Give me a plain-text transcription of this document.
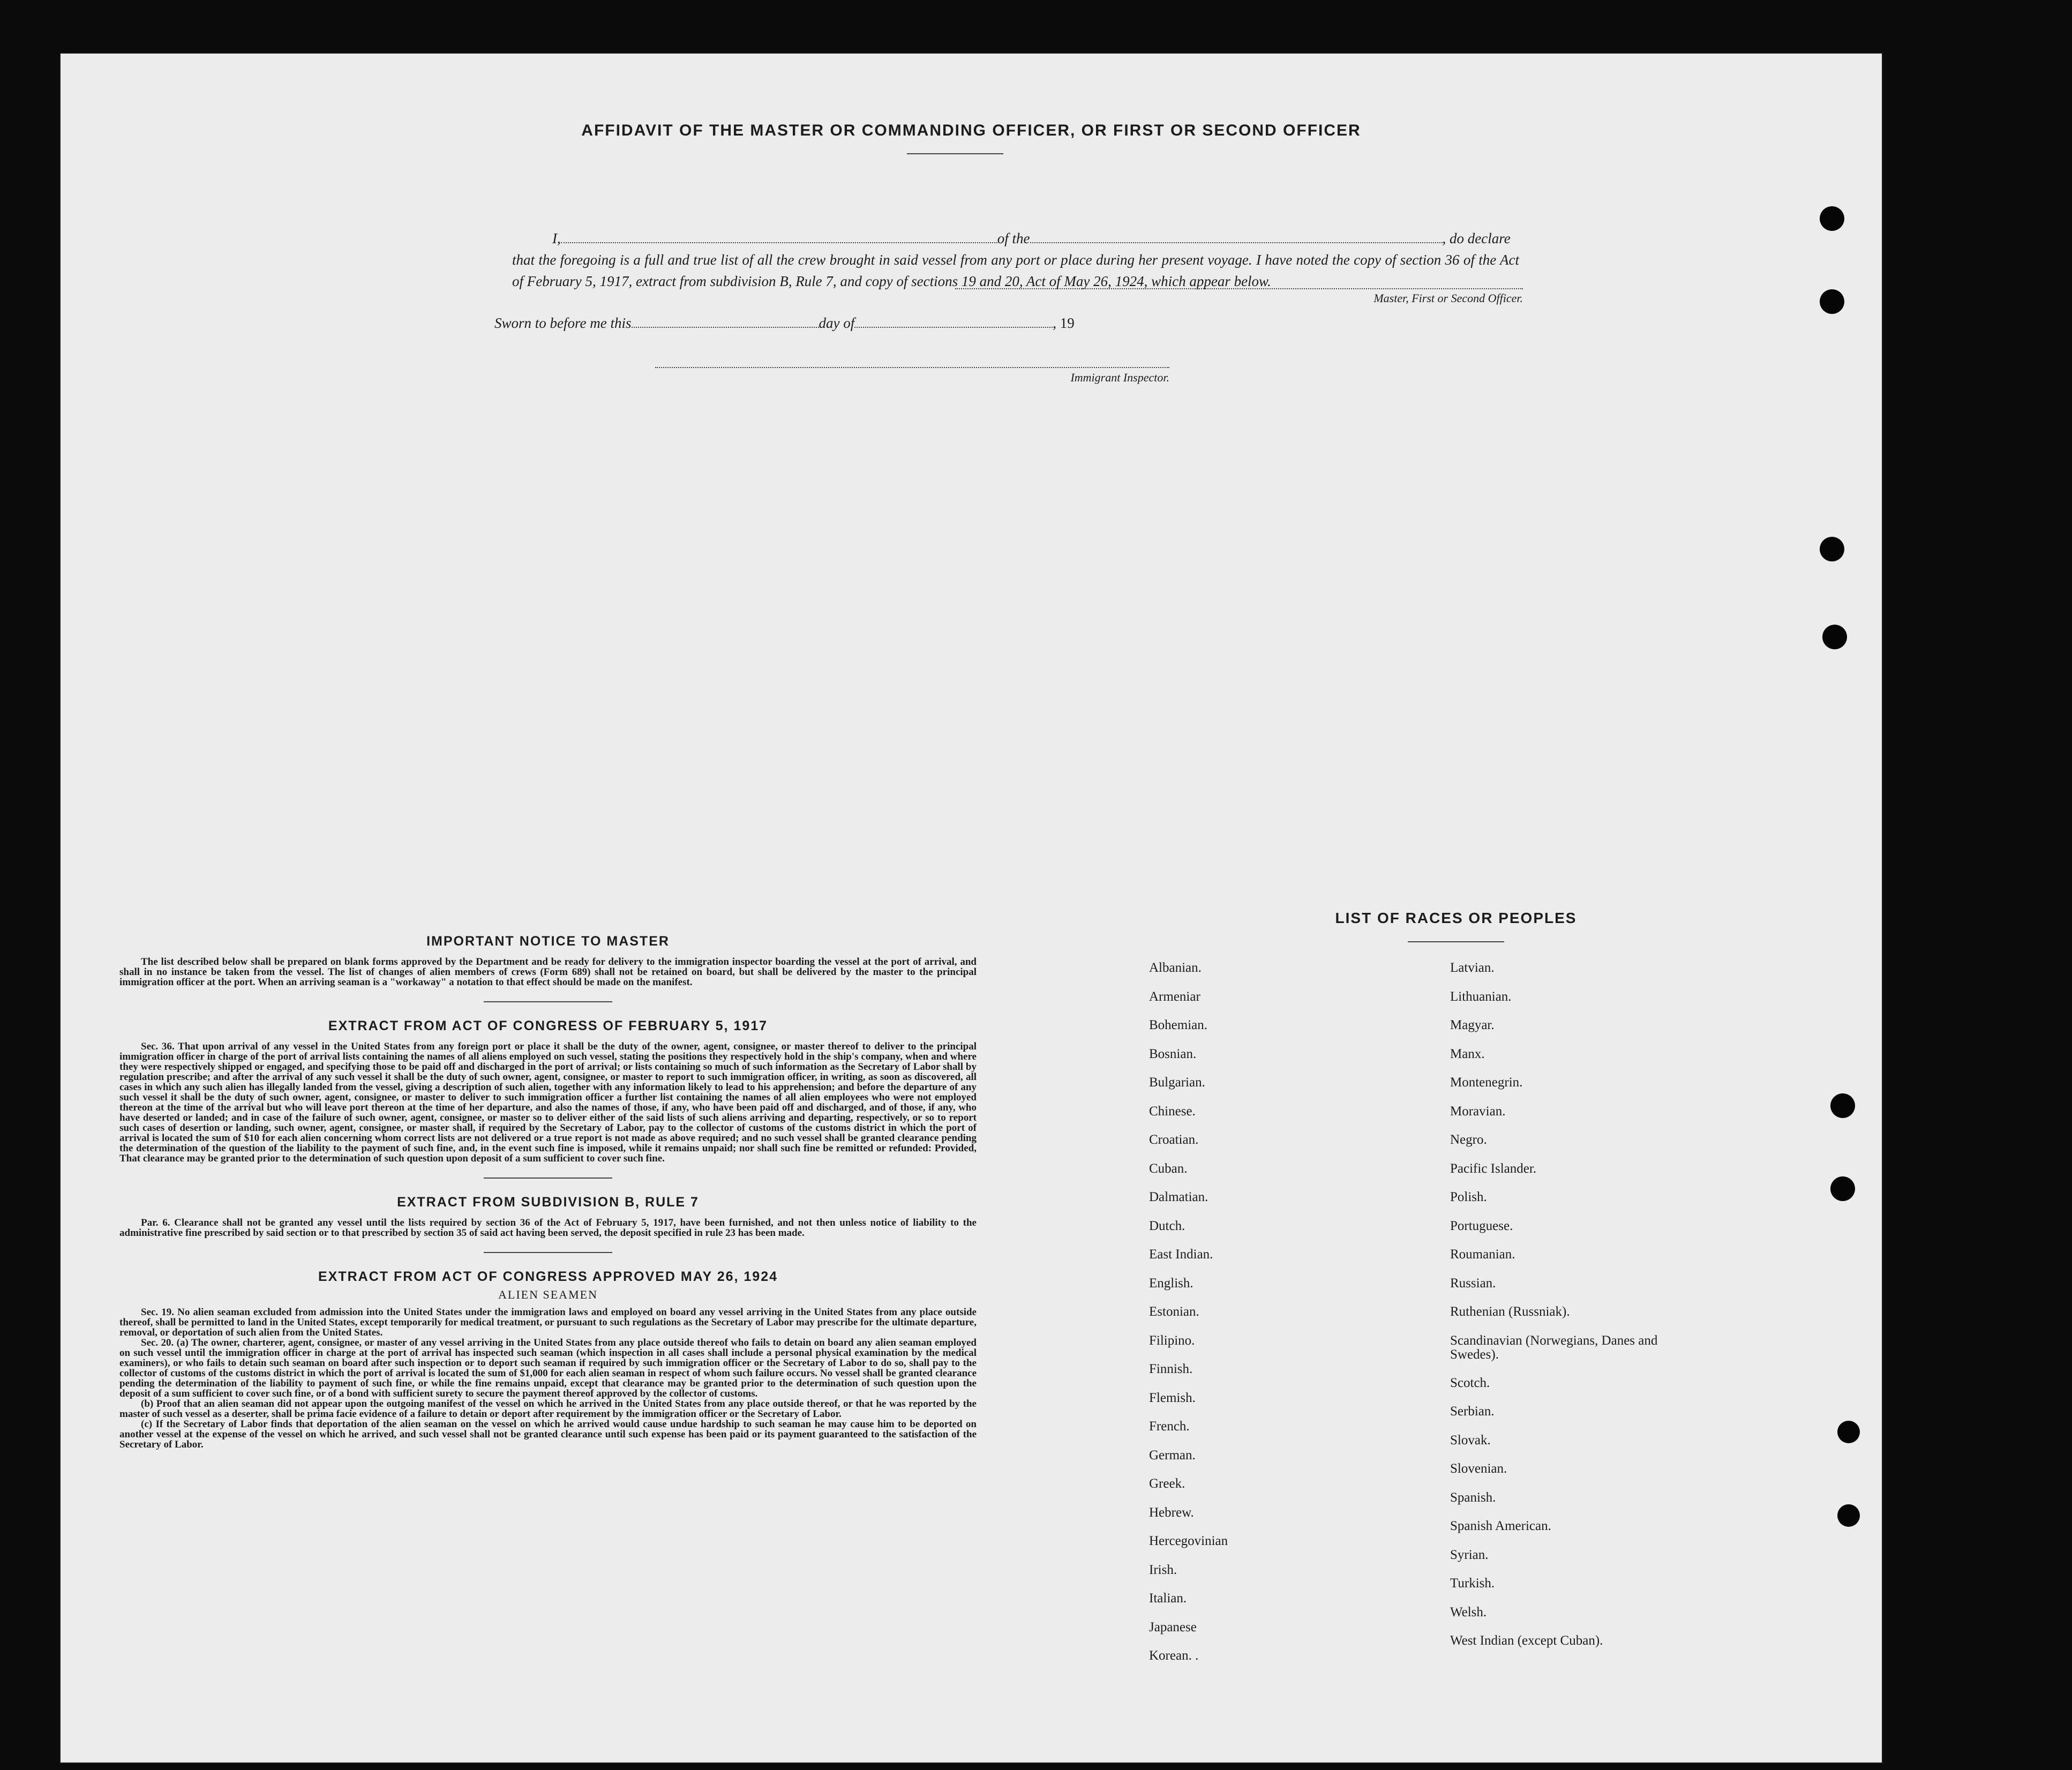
AFFIDAVIT OF THE MASTER OR COMMANDING OFFICER, OR FIRST OR SECOND OFFICER
I,	of the	, do declare
that the foregoing is a full and true list of all the crew brought in said vessel from any port or place during her present voyage. I have noted the copy of section 36 of the Act of February 5, 1917, extract from subdivision B, Rule 7, and copy of sections 19 and 20, Act of May 26, 1924, which appear below.
Master, First or Second Officer.
Sworn to before me this	day of	, 19
Immigrant Inspector.
IMPORTANT NOTICE TO MASTER
The list described below shall be prepared on blank forms approved by the Department and be ready for delivery to the immigration inspector boarding the vessel at the port of arrival, and shall in no instance be taken from the vessel. The list of changes of alien members of crews (Form 689) shall not be retained on board, but shall be delivered by the master to the principal immigration officer at the port. When an arriving seaman is a "workaway" a notation to that effect should be made on the manifest.
EXTRACT FROM ACT OF CONGRESS OF FEBRUARY 5, 1917
Sec. 36. That upon arrival of any vessel in the United States from any foreign port or place it shall be the duty of the owner, agent, consignee, or master thereof to deliver to the principal immigration officer in charge of the port of arrival lists containing the names of all aliens employed on such vessel, stating the positions they respectively hold in the ship's company, when and where they were respectively shipped or engaged, and specifying those to be paid off and discharged in the port of arrival; or lists containing so much of such information as the Secretary of Labor shall by regulation prescribe; and after the arrival of any such vessel it shall be the duty of such owner, agent, consignee, or master to report to such immigration officer, in writing, as soon as discovered, all cases in which any such alien has illegally landed from the vessel, giving a description of such alien, together with any information likely to lead to his apprehension; and before the departure of any such vessel it shall be the duty of such owner, agent, consignee, or master to deliver to such immigration officer a further list containing the names of all alien employees who were not employed thereon at the time of the arrival but who will leave port thereon at the time of her departure, and also the names of those, if any, who have been paid off and discharged, and of those, if any, who have deserted or landed; and in case of the failure of such owner, agent, consignee, or master so to deliver either of the said lists of such aliens arriving and departing, respectively, or so to report such cases of desertion or landing, such owner, agent, consignee, or master shall, if required by the Secretary of Labor, pay to the collector of customs of the customs district in which the port of arrival is located the sum of $10 for each alien concerning whom correct lists are not delivered or a true report is not made as above required; and no such vessel shall be granted clearance pending the determination of the question of the liability to the payment of such fine, and, in the event such fine is imposed, while it remains unpaid; nor shall such fine be remitted or refunded: Provided, That clearance may be granted prior to the determination of such question upon deposit of a sum sufficient to cover such fine.
EXTRACT FROM SUBDIVISION B, RULE 7
Par. 6. Clearance shall not be granted any vessel until the lists required by section 36 of the Act of February 5, 1917, have been furnished, and not then unless notice of liability to the administrative fine prescribed by said section or to that prescribed by section 35 of said act having been served, the deposit specified in rule 23 has been made.
EXTRACT FROM ACT OF CONGRESS APPROVED MAY 26, 1924
ALIEN SEAMEN
Sec. 19. No alien seaman excluded from admission into the United States under the immigration laws and employed on board any vessel arriving in the United States from any place outside thereof, shall be permitted to land in the United States, except temporarily for medical treatment, or pursuant to such regulations as the Secretary of Labor may prescribe for the ultimate departure, removal, or deportation of such alien from the United States.
Sec. 20. (a) The owner, charterer, agent, consignee, or master of any vessel arriving in the United States from any place outside thereof who fails to detain on board any alien seaman employed on such vessel until the immigration officer in charge at the port of arrival has inspected such seaman (which inspection in all cases shall include a personal physical examination by the medical examiners), or who fails to detain such seaman on board after such inspection or to deport such seaman if required by such immigration officer or the Secretary of Labor to do so, shall pay to the collector of customs of the customs district in which the port of arrival is located the sum of $1,000 for each alien seaman in respect of whom such failure occurs. No vessel shall be granted clearance pending the determination of the liability to payment of such fine, or while the fine remains unpaid, except that clearance may be granted prior to the determination of such question upon the deposit of a sum sufficient to cover such fine, or of a bond with sufficient surety to secure the payment thereof approved by the collector of customs.
(b) Proof that an alien seaman did not appear upon the outgoing manifest of the vessel on which he arrived in the United States from any place outside thereof, or that he was reported by the master of such vessel as a deserter, shall be prima facie evidence of a failure to detain or deport after requirement by the immigration officer or the Secretary of Labor.
(c) If the Secretary of Labor finds that deportation of the alien seaman on the vessel on which he arrived would cause undue hardship to such seaman he may cause him to be deported on another vessel at the expense of the vessel on which he arrived, and such vessel shall not be granted clearance until such expense has been paid or its payment guaranteed to the satisfaction of the Secretary of Labor.
LIST OF RACES OR PEOPLES
Albanian.
Armeniar
Bohemian.
Bosnian.
Bulgarian.
Chinese.
Croatian.
Cuban.
Dalmatian.
Dutch.
East Indian.
English.
Estonian.
Filipino.
Finnish.
Flemish.
French.
German.
Greek.
Hebrew.
Hercegovinian
Irish.
Italian.
Japanese
Korean. .
Latvian.
Lithuanian.
Magyar.
Manx.
Montenegrin.
Moravian.
Negro.
Pacific Islander.
Polish.
Portuguese.
Roumanian.
Russian.
Ruthenian (Russniak).
Scandinavian (Norwegians, Danes and Swedes).
Scotch.
Serbian.
Slovak.
Slovenian.
Spanish.
Spanish American.
Syrian.
Turkish.
Welsh.
West Indian (except Cuban).
